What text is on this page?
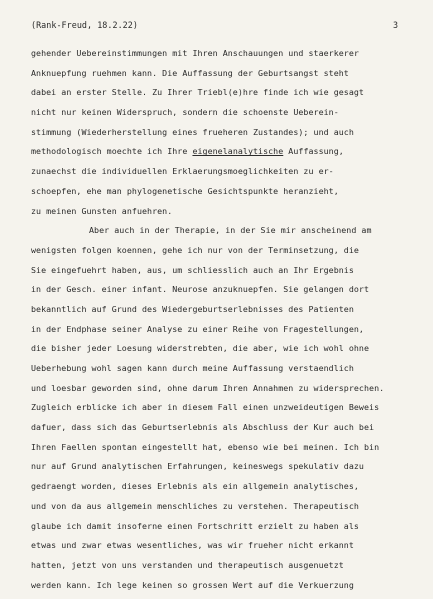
(Rank-Freud, 18.2.22)	3
gehender Uebereinstimmungen mit Ihren Anschauungen und staerkerer
Anknuepfung ruehmen kann. Die Auffassung der Geburtsangst steht
dabei an erster Stelle. Zu Ihrer Triebl(e)hre finde ich wie gesagt
nicht nur keinen Widerspruch, sondern die schoenste Ueberein-
stimmung (Wiederherstellung eines frueheren Zustandes); und auch
methodologisch moechte ich Ihre eigenelanalytische Auffassung,
zunaechst die individuellen Erklaerungsmoeglichkeiten zu er-
schoepfen, ehe man phylogenetische Gesichtspunkte heranzieht,
zu meinen Gunsten anfuehren.
Aber auch in der Therapie, in der Sie mir anscheinend am
wenigsten folgen koennen, gehe ich nur von der Terminsetzung, die
Sie eingefuehrt haben, aus, um schliesslich auch an Ihr Ergebnis
in der Gesch. einer infant. Neurose anzuknuepfen. Sie gelangen dort
bekanntlich auf Grund des Wiedergeburtserlebnisses des Patienten
in der Endphase seiner Analyse zu einer Reihe von Fragestellungen,
die bisher jeder Loesung widerstrebten, die aber, wie ich wohl ohne
Ueberhebung wohl sagen kann durch meine Auffassung verstaendlich
und loesbar geworden sind, ohne darum Ihren Annahmen zu widersprechen.
Zugleich erblicke ich aber in diesem Fall einen unzweideutigen Beweis
dafuer, dass sich das Geburtserlebnis als Abschluss der Kur auch bei
Ihren Faellen spontan eingestellt hat, ebenso wie bei meinen. Ich bin
nur auf Grund analytischen Erfahrungen, keineswegs spekulativ dazu
gedraengt worden, dieses Erlebnis als ein allgemein analytisches,
und von da aus allgemein menschliches zu verstehen. Therapeutisch
glaube ich damit insoferne einen Fortschritt erzielt zu haben als
etwas und zwar etwas wesentliches, was wir frueher nicht erkannt
hatten, jetzt von uns verstanden und therapeutisch ausgenuetzt
werden kann. Ich lege keinen so grossen Wert auf die Verkuerzung
